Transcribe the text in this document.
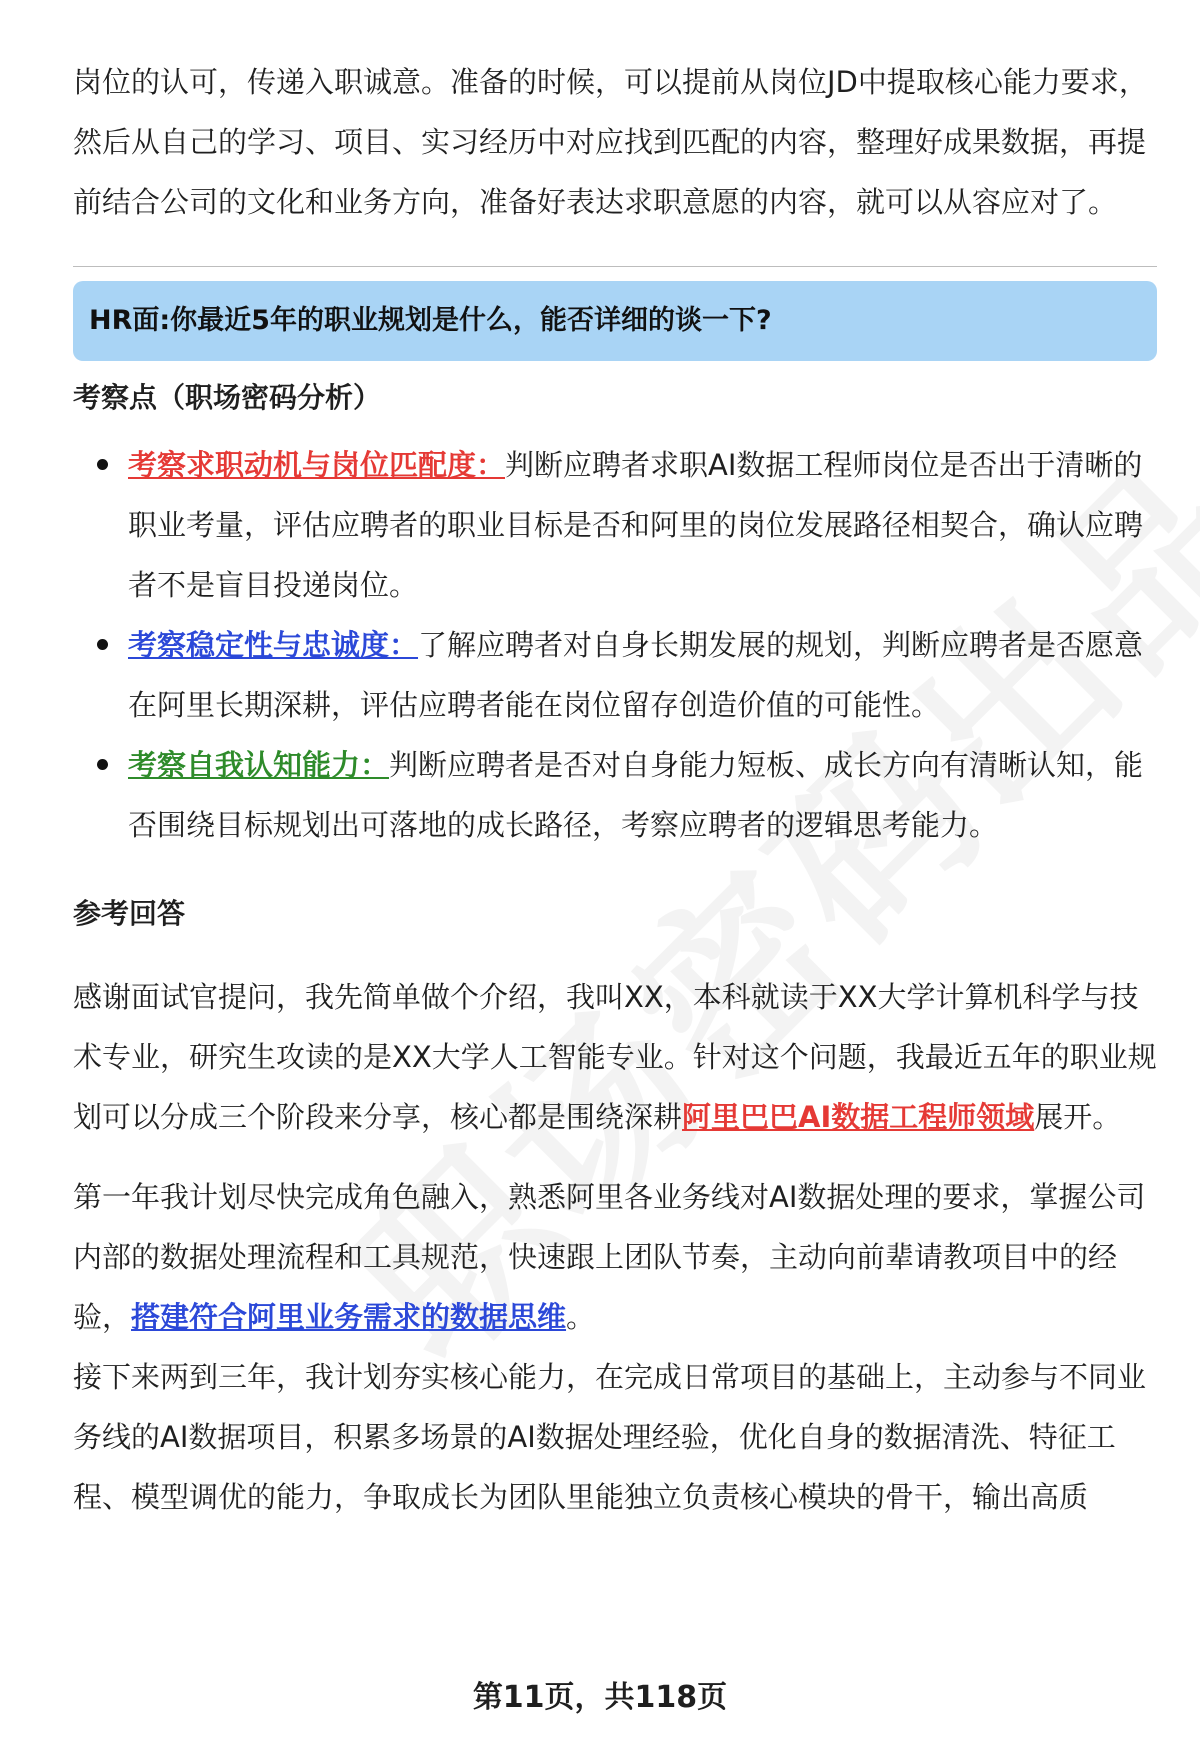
岗位的认可，传递入职诚意。准备的时候，可以提前从岗位JD中提取核心能力要求，然后从自己的学习、项目、实习经历中对应找到匹配的内容，整理好成果数据，再提前结合公司的文化和业务方向，准备好表达求职意愿的内容，就可以从容应对了。

HR面:你最近5年的职业规划是什么，能否详细的谈一下?
考察点（职场密码分析）
考察求职动机与岗位匹配度：判断应聘者求职AI数据工程师岗位是否出于清晰的职业考量，评估应聘者的职业目标是否和阿里的岗位发展路径相契合，确认应聘者不是盲目投递岗位。
考察稳定性与忠诚度：了解应聘者对自身长期发展的规划，判断应聘者是否愿意在阿里长期深耕，评估应聘者能在岗位留存创造价值的可能性。
考察自我认知能力：判断应聘者是否对自身能力短板、成长方向有清晰认知，能否围绕目标规划出可落地的成长路径，考察应聘者的逻辑思考能力。
参考回答

感谢面试官提问，我先简单做个介绍，我叫XX，本科就读于XX大学计算机科学与技术专业，研究生攻读的是XX大学人工智能专业。针对这个问题，我最近五年的职业规划可以分成三个阶段来分享，核心都是围绕深耕阿里巴巴AI数据工程师领域展开。

第一年我计划尽快完成角色融入，熟悉阿里各业务线对AI数据处理的要求，掌握公司内部的数据处理流程和工具规范，快速跟上团队节奏，主动向前辈请教项目中的经验，搭建符合阿里业务需求的数据思维。

接下来两到三年，我计划夯实核心能力，在完成日常项目的基础上，主动参与不同业务线的AI数据项目，积累多场景的AI数据处理经验，优化自身的数据清洗、特征工程、模型调优的能力，争取成长为团队里能独立负责核心模块的骨干，输出高质

第11页，共118页
